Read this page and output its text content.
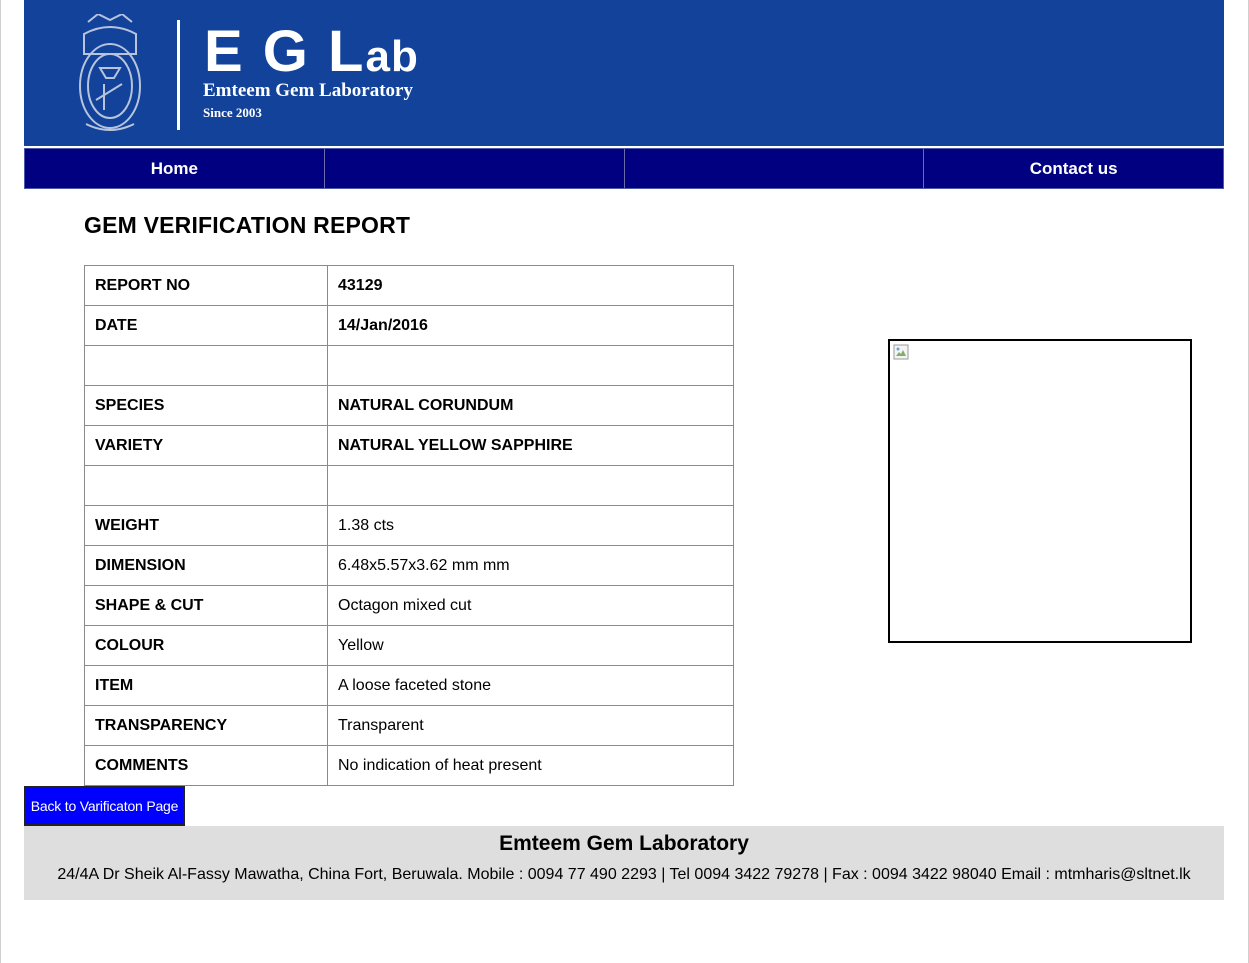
E G Lab
Emteem Gem Laboratory
Since 2003
Home	Contact us
GEM VERIFICATION REPORT
REPORT NO	43129
DATE	14/Jan/2016

SPECIES	NATURAL CORUNDUM
VARIETY	NATURAL YELLOW SAPPHIRE

WEIGHT	1.38 cts
DIMENSION	6.48x5.57x3.62 mm mm
SHAPE & CUT	Octagon mixed cut
COLOUR	Yellow
ITEM	A loose faceted stone
TRANSPARENCY	Transparent
COMMENTS	No indication of heat present
Back to Varificaton Page
Emteem Gem Laboratory
24/4A Dr Sheik Al-Fassy Mawatha, China Fort, Beruwala. Mobile : 0094 77 490 2293 | Tel 0094 3422 79278 | Fax : 0094 3422 98040 Email : mtmharis@sltnet.lk
